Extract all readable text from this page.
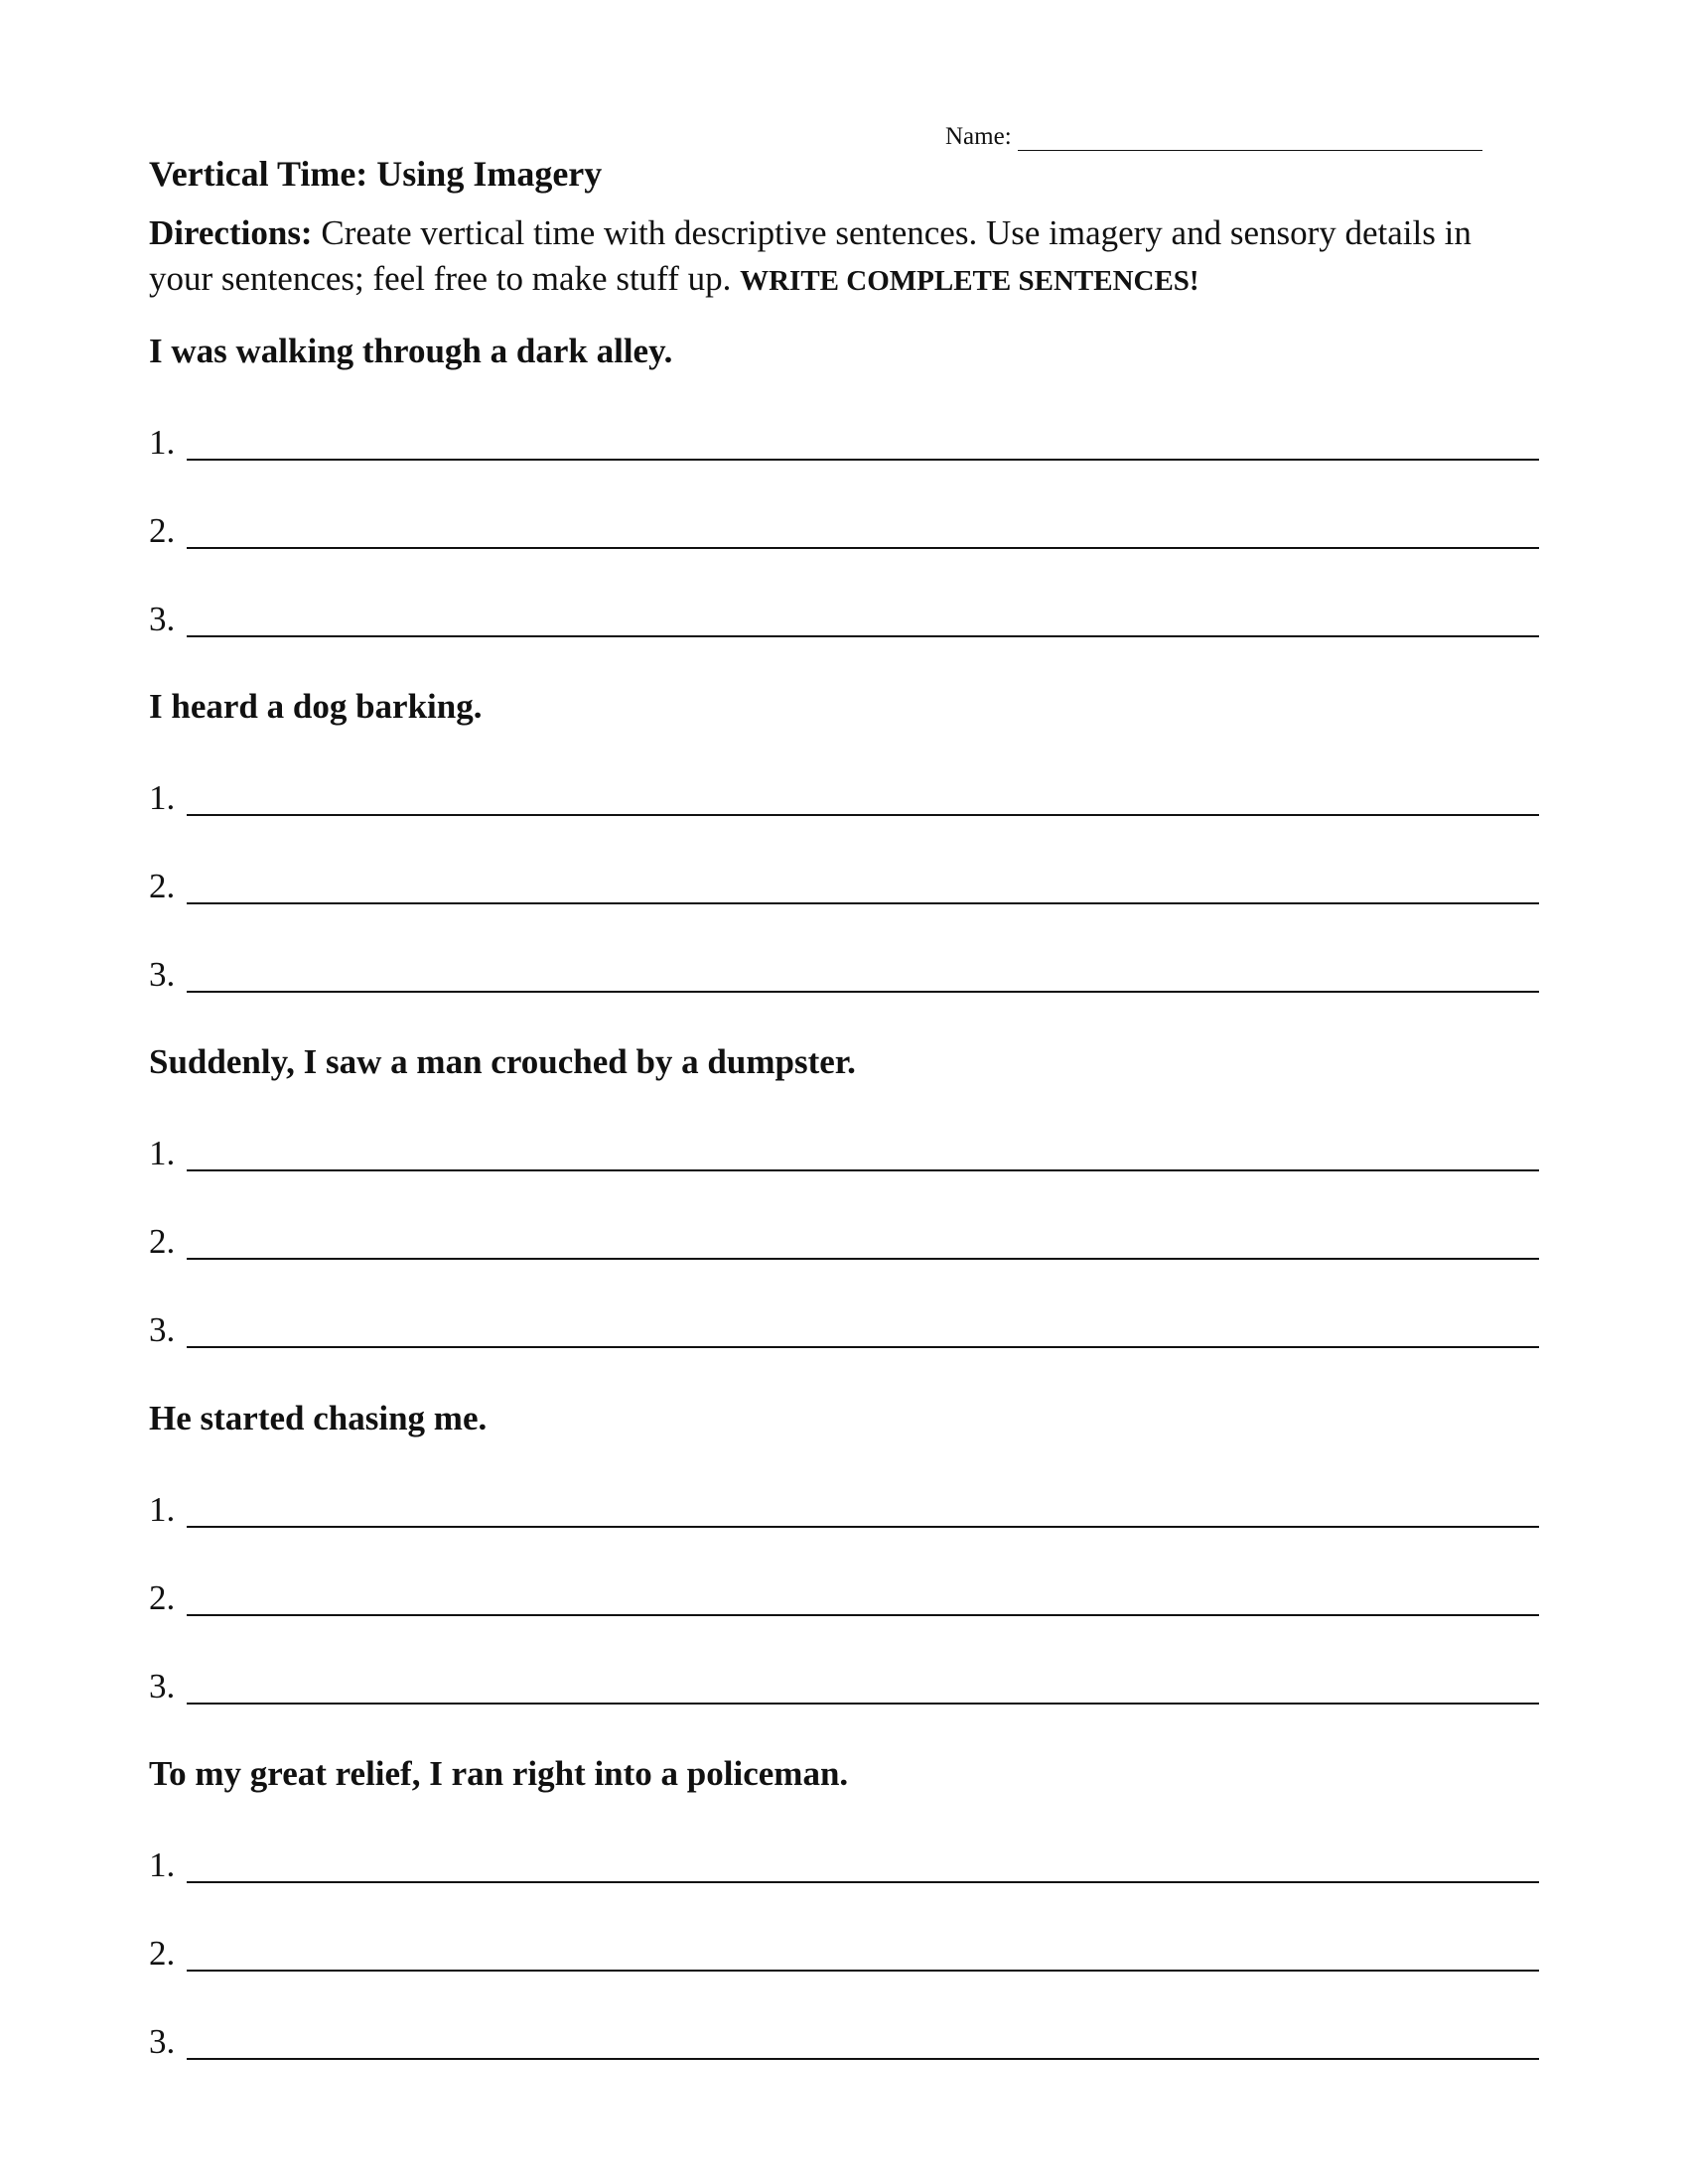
Name:
Vertical Time: Using Imagery
Directions: Create vertical time with descriptive sentences. Use imagery and sensory details in your sentences; feel free to make stuff up. WRITE COMPLETE SENTENCES!
I was walking through a dark alley.
1.
2.
3.
I heard a dog barking.
1.
2.
3.
Suddenly, I saw a man crouched by a dumpster.
1.
2.
3.
He started chasing me.
1.
2.
3.
To my great relief, I ran right into a policeman.
1.
2.
3.
